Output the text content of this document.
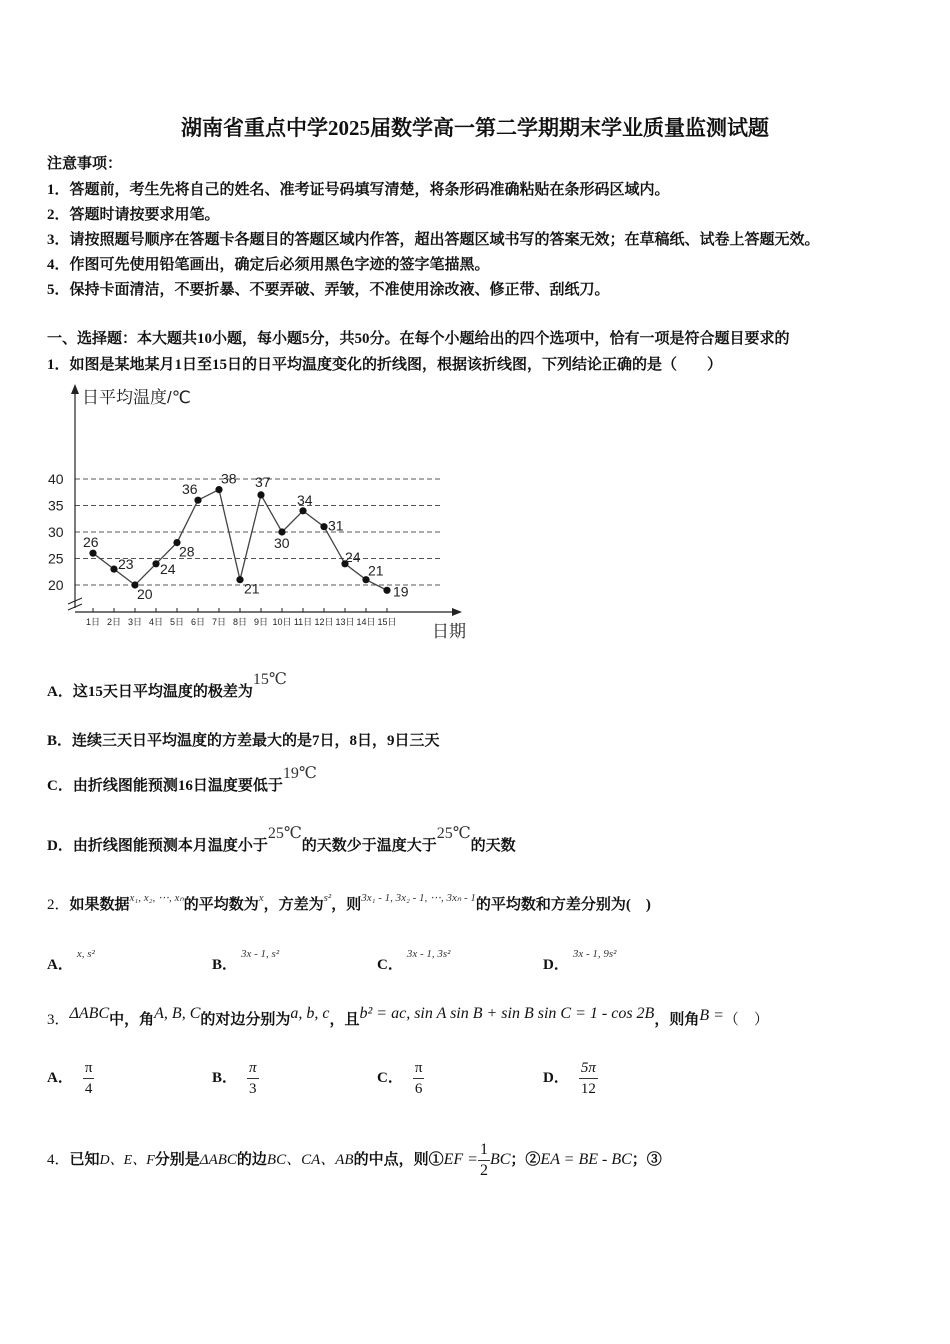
湖南省重点中学2025届数学高一第二学期期末学业质量监测试题
注意事项：
1．答题前，考生先将自己的姓名、准考证号码填写清楚，将条形码准确粘贴在条形码区域内。
2．答题时请按要求用笔。
3．请按照题号顺序在答题卡各题目的答题区域内作答，超出答题区域书写的答案无效；在草稿纸、试卷上答题无效。
4．作图可先使用铅笔画出，确定后必须用黑色字迹的签字笔描黑。
5．保持卡面清洁，不要折暴、不要弄破、弄皱，不准使用涂改液、修正带、刮纸刀。
一、选择题：本大题共10小题，每小题5分，共50分。在每个小题给出的四个选项中，恰有一项是符合题目要求的
1．如图是某地某月1日至15日的日平均温度变化的折线图，根据该折线图，下列结论正确的是（　　）
日平均温度/℃
日期
20
25
30
35
40
1日 2日 3日 4日 5日 6日 7日 8日 9日 10日 11日 12日 13日 14日 15日
26
23
20
24
28
36
38
21
37
30
34
31
24
21
19
A．这15天日平均温度的极差为15℃
B．连续三天日平均温度的方差最大的是7日，8日，9日三天
C．由折线图能预测16日温度要低于19℃
D．由折线图能预测本月温度小于25℃的天数少于温度大于25℃的天数
2．如果数据$^{x_1, x_2, \cdots, x_n}$的平均数为$^x$，方差为$^{s^2}$，则$^{3x_1 - 1, 3x_2 - 1, \cdots, 3x_n - 1}$的平均数和方差分别为(　)
A．$^{x, s^2}$
B．$^{3x - 1, s^2}$
C．$^{3x - 1, 3s^2}$
D．$^{3x - 1, 9s^2}$
3．ΔABC中，角A, B, C的对边分别为a, b, c，且b² = ac, sin A sin B + sin B sin C = 1 - cos 2B，则角B =（　）
A． $\frac{\pi}{4}$	B． $\frac{\pi}{3}$	C． $\frac{\pi}{6}$	D． $\frac{5\pi}{12}$
4．已知D、E、F分别是ΔABC的边BC、CA、AB的中点，则①EF = $\frac{1}{2}$ BC；②EA = BE - BC；③
